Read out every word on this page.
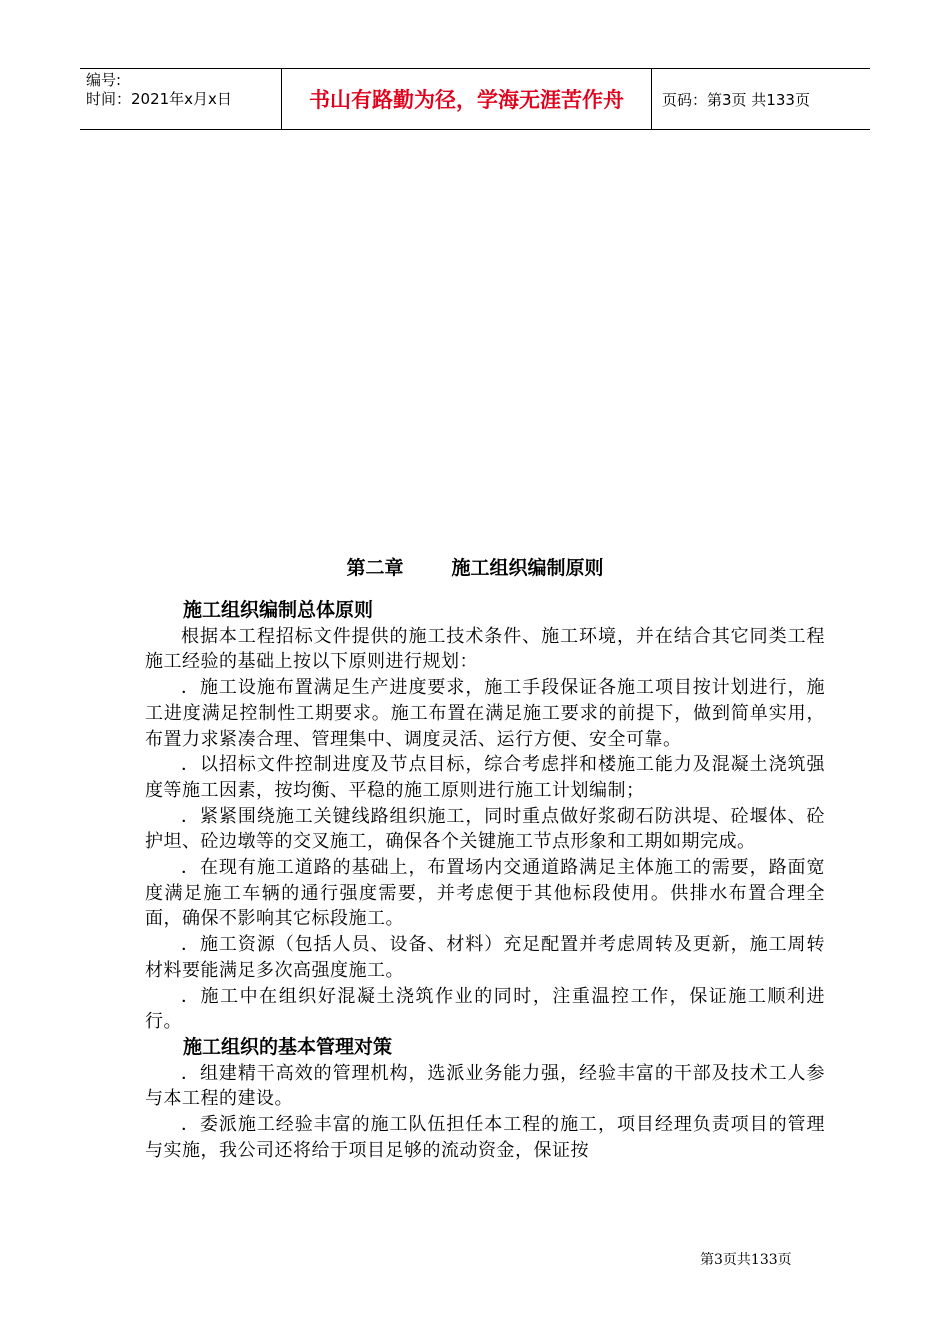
编号:
时间：2021年x月x日	书山有路勤为径，学海无涯苦作舟	页码：第3页 共133页
第二章	施工组织编制原则
施工组织编制总体原则

根据本工程招标文件提供的施工技术条件、施工环境，并在结合其它同类工程施工经验的基础上按以下原则进行规划：

．施工设施布置满足生产进度要求，施工手段保证各施工项目按计划进行，施工进度满足控制性工期要求。施工布置在满足施工要求的前提下，做到简单实用，布置力求紧凑合理、管理集中、调度灵活、运行方便、安全可靠。

．以招标文件控制进度及节点目标，综合考虑拌和楼施工能力及混凝土浇筑强度等施工因素，按均衡、平稳的施工原则进行施工计划编制；

．紧紧围绕施工关键线路组织施工，同时重点做好浆砌石防洪堤、砼堰体、砼护坦、砼边墩等的交叉施工，确保各个关键施工节点形象和工期如期完成。

．在现有施工道路的基础上，布置场内交通道路满足主体施工的需要，路面宽度满足施工车辆的通行强度需要，并考虑便于其他标段使用。供排水布置合理全面，确保不影响其它标段施工。

．施工资源（包括人员、设备、材料）充足配置并考虑周转及更新，施工周转材料要能满足多次高强度施工。

．施工中在组织好混凝土浇筑作业的同时，注重温控工作，保证施工顺利进行。

施工组织的基本管理对策

．组建精干高效的管理机构，选派业务能力强，经验丰富的干部及技术工人参与本工程的建设。

．委派施工经验丰富的施工队伍担任本工程的施工，项目经理负责项目的管理与实施，我公司还将给于项目足够的流动资金，保证按

第3页共133页
